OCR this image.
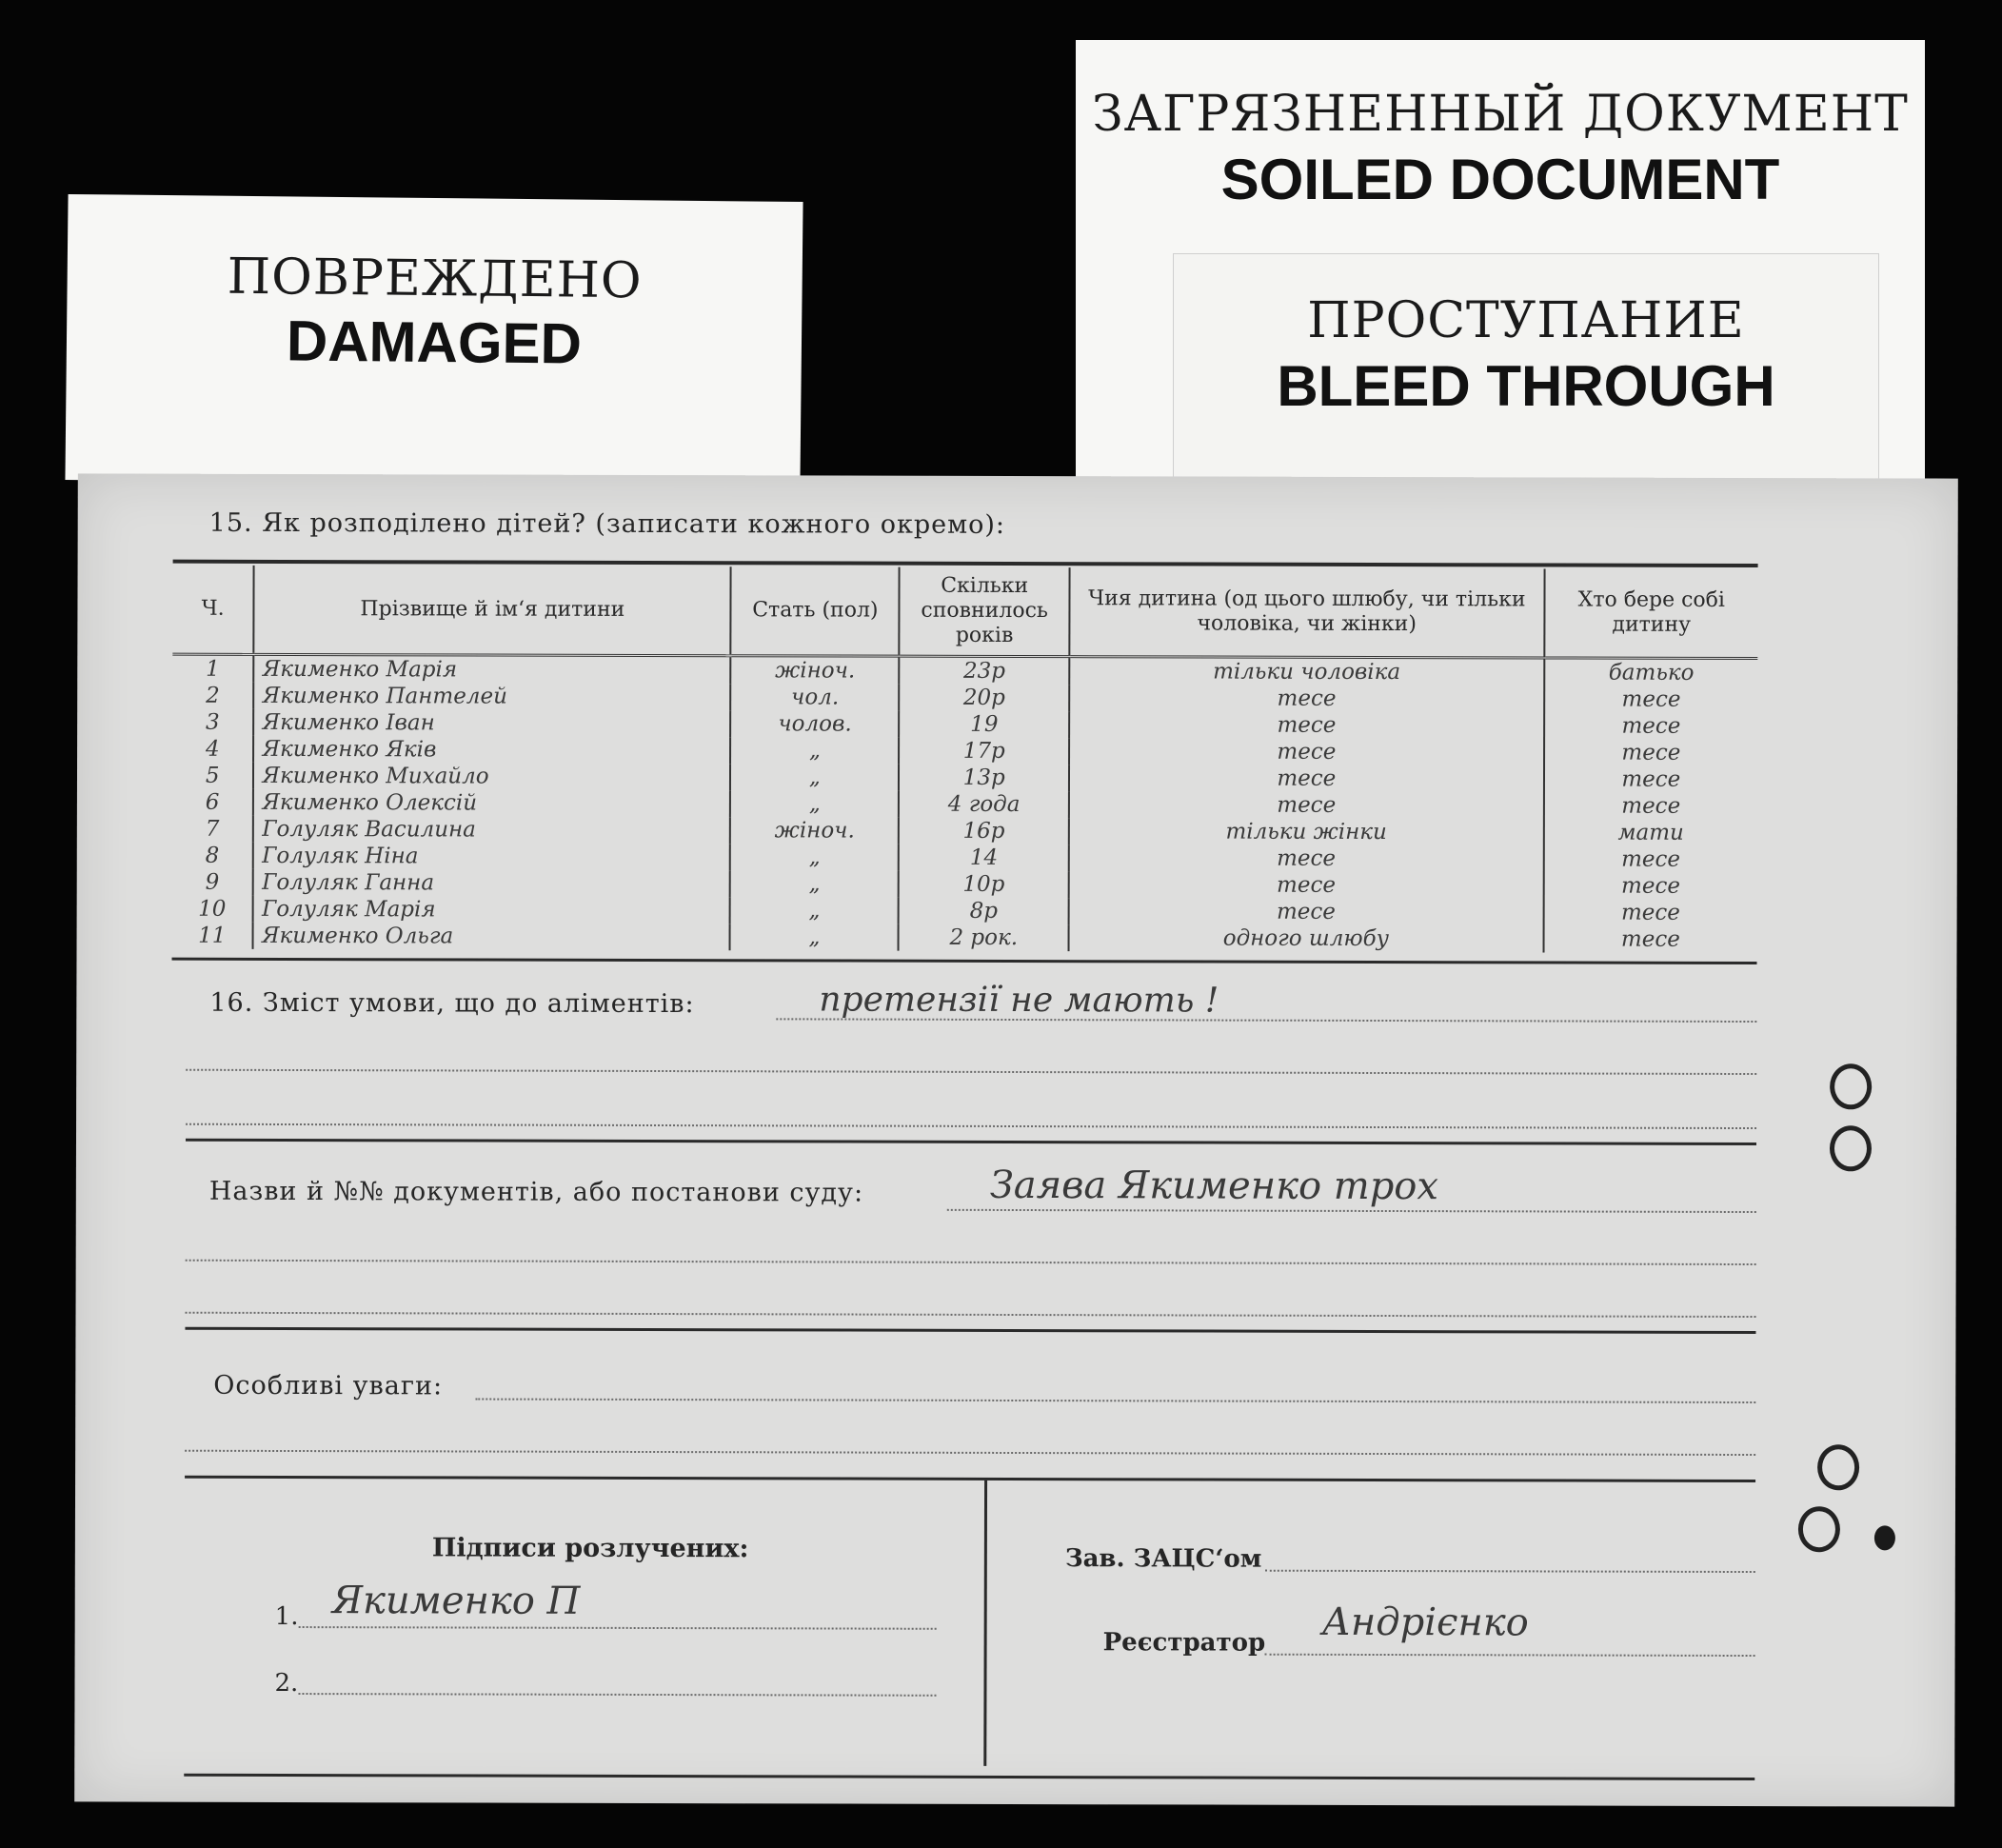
ПОВРЕЖДЕНО
DAMAGED
ЗАГРЯЗНЕННЫЙ ДОКУМЕНТ
SOILED DOCUMENT
ПРОСТУПАНИЕ
BLEED THROUGH
15. Як розподілено дітей? (записати кожного окремо):
Ч.	Прізвище й ім‘я дитини	Стать (пол)	Скільки сповнилось років	Чия дитина (од цього шлюбу, чи тільки чоловіка, чи жінки)	Хто бере собі дитину
1	Якименко Марія	жіноч.	23р	тільки чоловіка	батько
2	Якименко Пантелей	чол.	20р	тесе	тесе
3	Якименко Іван	чолов.	19	тесе	тесе
4	Якименко Яків	„	17р	тесе	тесе
5	Якименко Михайло	„	13р	тесе	тесе
6	Якименко Олексій	„	4 года	тесе	тесе
7	Голуляк Василина	жіноч.	16р	тільки жінки	мати
8	Голуляк Ніна	„	14	тесе	тесе
9	Голуляк Ганна	„	10р	тесе	тесе
10	Голуляк Марія	„	8р	тесе	тесе
11	Якименко Ольга	„	2 рок.	одного шлюбу	тесе
16. Зміст умови, що до аліментів:	претензії не мають !
Назви й №№ документів, або постанови суду:	Заява Якименко трох
Особливі уваги:
Підписи розлучених:
1. Якименко П
2.
Зав. ЗАЦС‘ом
Реєстратор Андрієнко
